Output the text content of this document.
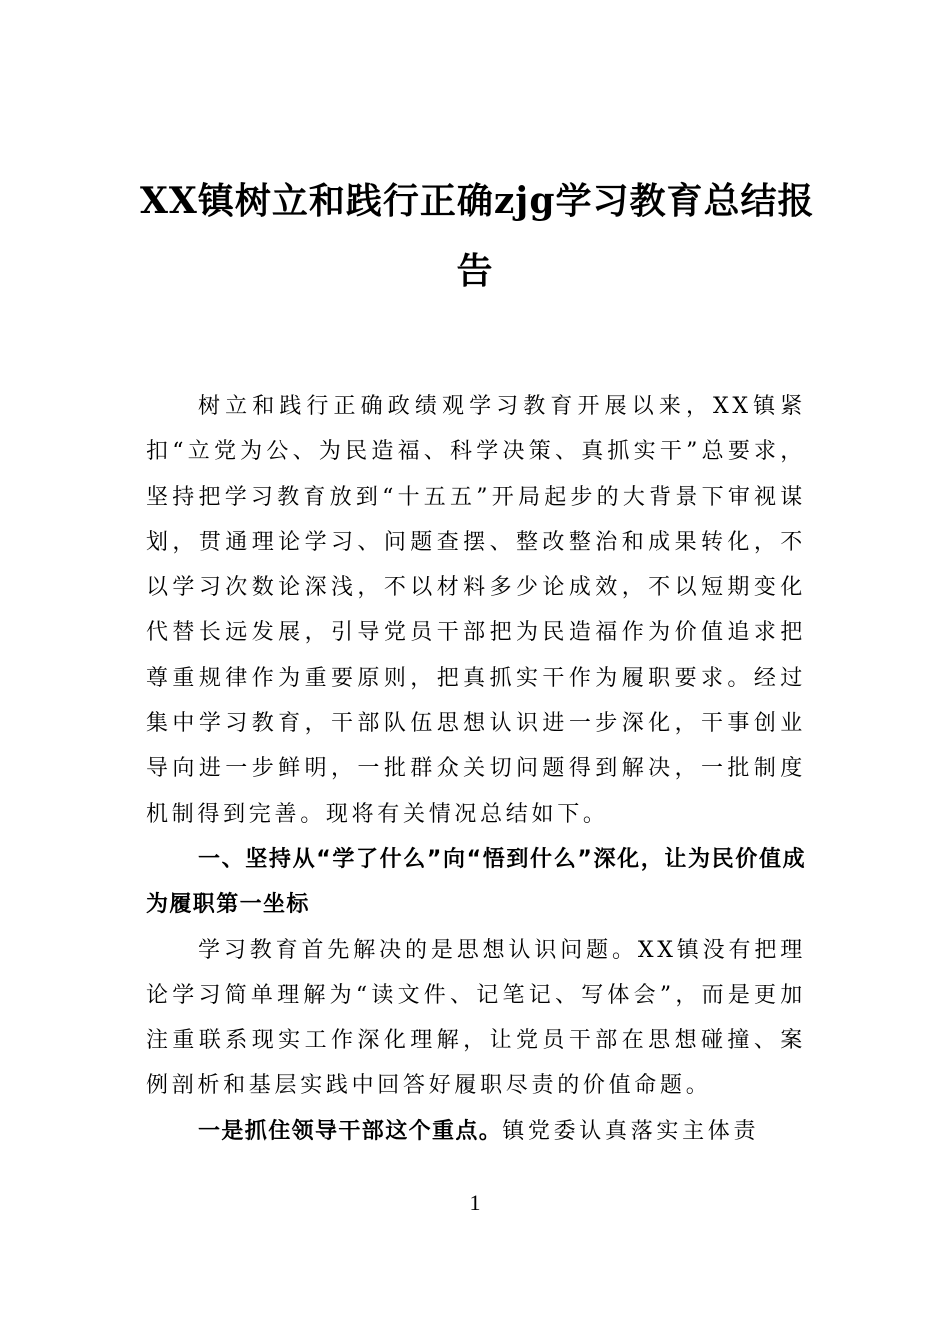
XX镇树立和践行正确zjg学习教育总结报
告

树立和践行正确政绩观学习教育开展以来，XX镇紧扣“立党为公、为民造福、科学决策、真抓实干”总要求，坚持把学习教育放到“十五五”开局起步的大背景下审视谋划，贯通理论学习、问题查摆、整改整治和成果转化，不以学习次数论深浅，不以材料多少论成效，不以短期变化代替长远发展，引导党员干部把为民造福作为价值追求把尊重规律作为重要原则，把真抓实干作为履职要求。经过集中学习教育，干部队伍思想认识进一步深化，干事创业导向进一步鲜明，一批群众关切问题得到解决，一批制度机制得到完善。现将有关情况总结如下。

一、坚持从“学了什么”向“悟到什么”深化，让为民价值成为履职第一坐标

学习教育首先解决的是思想认识问题。XX镇没有把理论学习简单理解为“读文件、记笔记、写体会”，而是更加注重联系现实工作深化理解，让党员干部在思想碰撞、案例剖析和基层实践中回答好履职尽责的价值命题。

一是抓住领导干部这个重点。镇党委认真落实主体责

1
